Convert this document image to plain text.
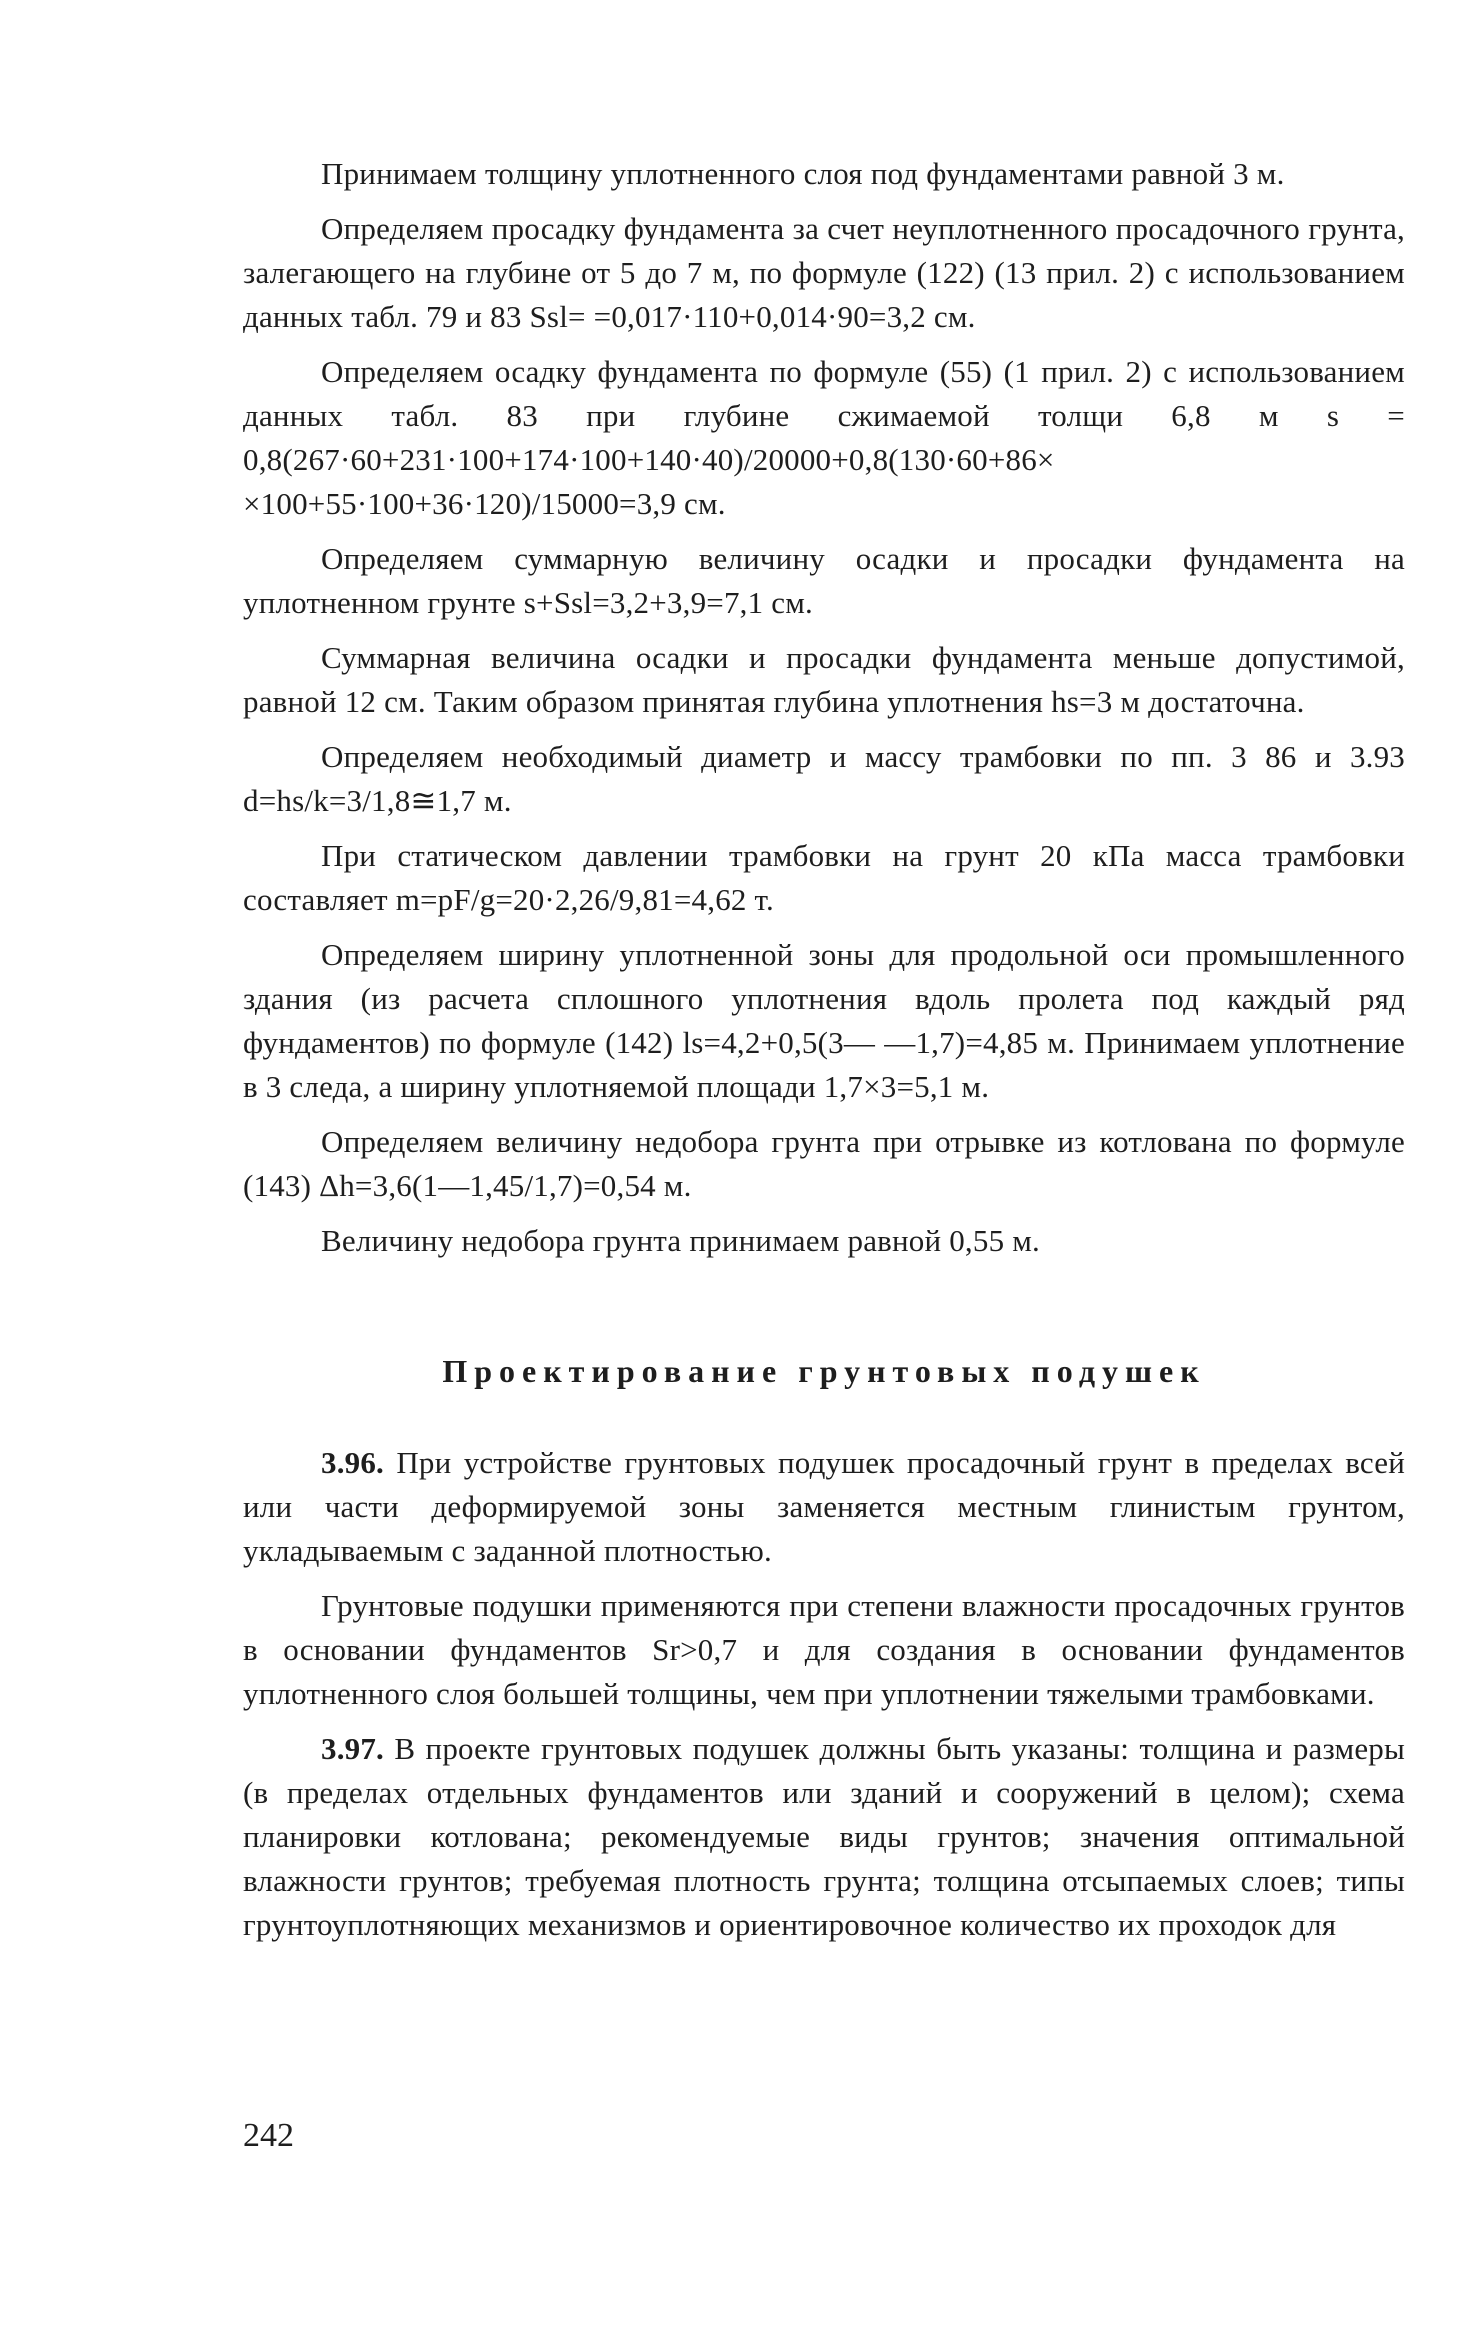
Принимаем толщину уплотненного слоя под фундаментами равной 3 м.

Определяем просадку фундамента за счет неуплотненного просадочного грунта, залегающего на глубине от 5 до 7 м, по формуле (122) (13 прил. 2) с использованием данных табл. 79 и 83 Ssl= =0,017·110+0,014·90=3,2 см.

Определяем осадку фундамента по формуле (55) (1 прил. 2) с использованием данных табл. 83 при глубине сжимаемой толщи 6,8 м s = 0,8(267·60+231·100+174·100+140·40)/20000+0,8(130·60+86× ×100+55·100+36·120)/15000=3,9 см.

Определяем суммарную величину осадки и просадки фундамента на уплотненном грунте s+Ssl=3,2+3,9=7,1 см.

Суммарная величина осадки и просадки фундамента меньше допустимой, равной 12 см. Таким образом принятая глубина уплотнения hs=3 м достаточна.

Определяем необходимый диаметр и массу трамбовки по пп. 3 86 и 3.93 d=hs/k=3/1,8≅1,7 м.

При статическом давлении трамбовки на грунт 20 кПа масса трамбовки составляет m=pF/g=20·2,26/9,81=4,62 т.

Определяем ширину уплотненной зоны для продольной оси промышленного здания (из расчета сплошного уплотнения вдоль пролета под каждый ряд фундаментов) по формуле (142) ls=4,2+0,5(3— —1,7)=4,85 м. Принимаем уплотнение в 3 следа, а ширину уплотняемой площади 1,7×3=5,1 м.

Определяем величину недобора грунта при отрывке из котлована по формуле (143) Δh=3,6(1—1,45/1,7)=0,54 м.

Величину недобора грунта принимаем равной 0,55 м.

Проектирование грунтовых подушек

3.96. При устройстве грунтовых подушек просадочный грунт в пределах всей или части деформируемой зоны заменяется местным глинистым грунтом, укладываемым с заданной плотностью.

Грунтовые подушки применяются при степени влажности просадочных грунтов в основании фундаментов Sr>0,7 и для создания в основании фундаментов уплотненного слоя большей толщины, чем при уплотнении тяжелыми трамбовками.

3.97. В проекте грунтовых подушек должны быть указаны: толщина и размеры (в пределах отдельных фундаментов или зданий и сооружений в целом); схема планировки котлована; рекомендуемые виды грунтов; значения оптимальной влажности грунтов; требуемая плотность грунта; толщина отсыпаемых слоев; типы грунтоуплотняющих механизмов и ориентировочное количество их проходок для

242
